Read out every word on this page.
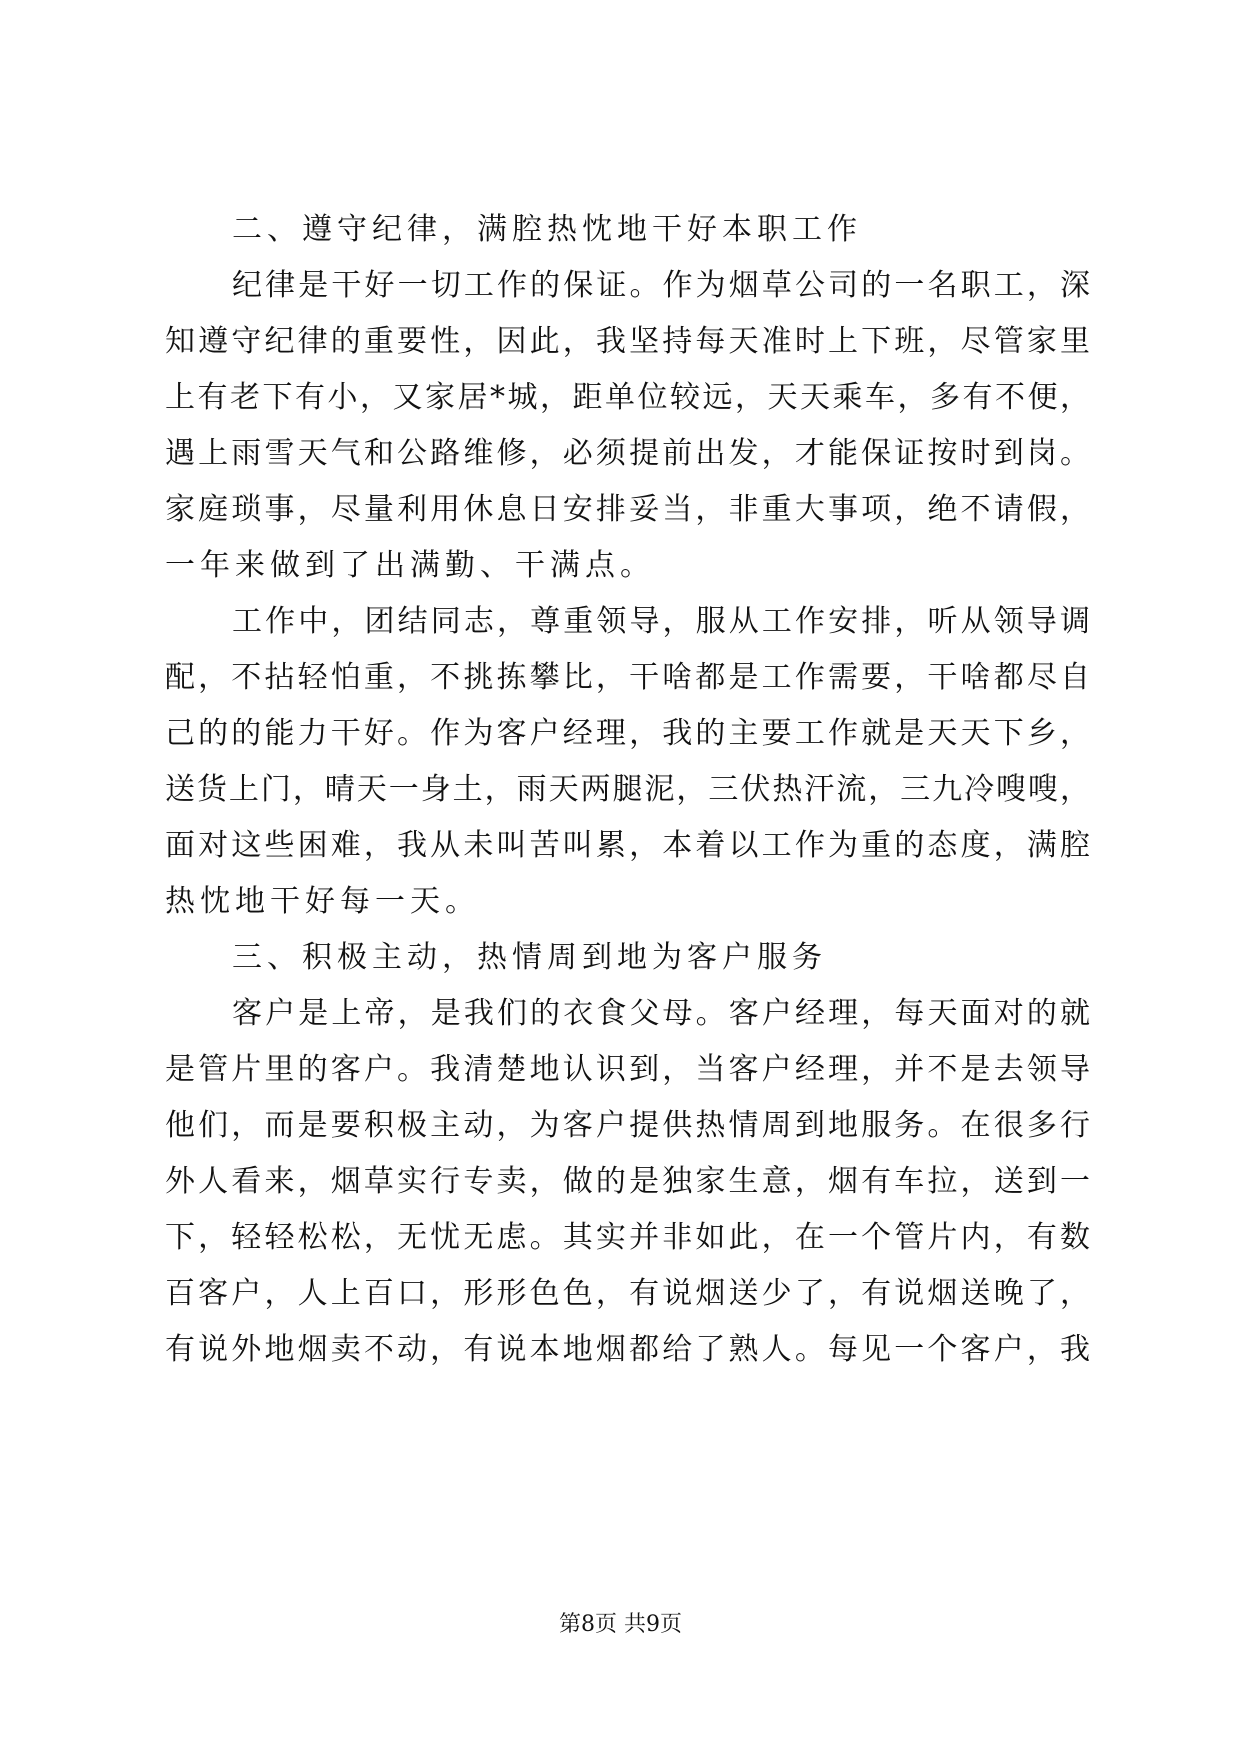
二、遵守纪律，满腔热忱地干好本职工作
纪律是干好一切工作的保证。作为烟草公司的一名职工，深
知遵守纪律的重要性，因此，我坚持每天准时上下班，尽管家里
上有老下有小，又家居*城，距单位较远，天天乘车，多有不便，
遇上雨雪天气和公路维修，必须提前出发，才能保证按时到岗。
家庭琐事，尽量利用休息日安排妥当，非重大事项，绝不请假，
一年来做到了出满勤、干满点。
工作中，团结同志，尊重领导，服从工作安排，听从领导调
配，不拈轻怕重，不挑拣攀比，干啥都是工作需要，干啥都尽自
己的的能力干好。作为客户经理，我的主要工作就是天天下乡，
送货上门，晴天一身土，雨天两腿泥，三伏热汗流，三九冷嗖嗖，
面对这些困难，我从未叫苦叫累，本着以工作为重的态度，满腔
热忱地干好每一天。
三、积极主动，热情周到地为客户服务
客户是上帝，是我们的衣食父母。客户经理，每天面对的就
是管片里的客户。我清楚地认识到，当客户经理，并不是去领导
他们，而是要积极主动，为客户提供热情周到地服务。在很多行
外人看来，烟草实行专卖，做的是独家生意，烟有车拉，送到一
下，轻轻松松，无忧无虑。其实并非如此，在一个管片内，有数
百客户，人上百口，形形色色，有说烟送少了，有说烟送晚了，
有说外地烟卖不动，有说本地烟都给了熟人。每见一个客户，我
第8页 共9页
